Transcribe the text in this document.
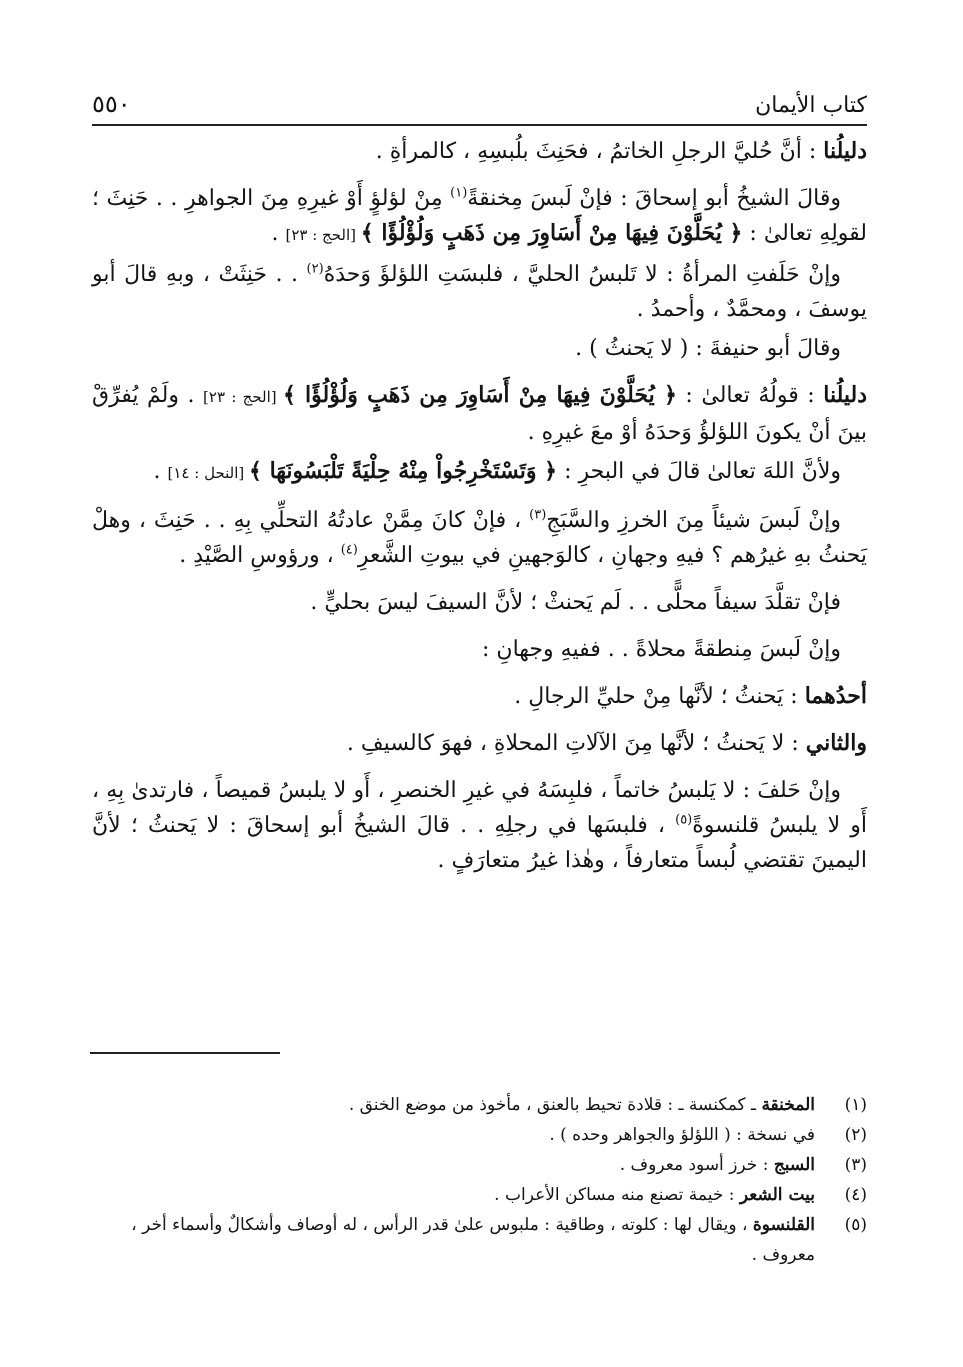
كتاب الأيمان
٥٥٠

دليلُنا : أنَّ حُليَّ الرجلِ الخاتمُ ، فحَنِثَ بلُبسِهِ ، كالمرأةِ .

وقالَ الشيخُ أبو إسحاقَ : فإنْ لَبسَ مِخنقةً$^{(١)}$ مِنْ لؤلؤٍ أَوْ غيرِهِ مِنَ الجواهرِ . . حَنِثَ ؛ لقولِهِ تعالىٰ : ﴿ يُحَلَّوْنَ فِيهَا مِنْ أَسَاوِرَ مِن ذَهَبٍ وَلُؤْلُؤًا ﴾ [الحج : ٢٣] .

وإنْ حَلَفتِ المرأةُ : لا تَلبسُ الحليَّ ، فلبسَتِ اللؤلؤَ وَحدَهُ$^{(٢)}$ . . حَنِثَتْ ، وبهِ قالَ أبو يوسفَ ، ومحمَّدٌ ، وأحمدُ .

وقالَ أبو حنيفةَ : ( لا يَحنثُ ) .

دليلُنا : قولُهُ تعالىٰ : ﴿ يُحَلَّوْنَ فِيهَا مِنْ أَسَاوِرَ مِن ذَهَبٍ وَلُؤْلُؤًا ﴾ [الحج : ٢٣] . ولَمْ يُفرِّقْ بينَ أنْ يكونَ اللؤلؤُ وَحدَهُ أوْ معَ غيرِهِ .

ولأنَّ اللهَ تعالىٰ قالَ في البحرِ : ﴿ وَتَسْتَخْرِجُواْ مِنْهُ حِلْيَةً تَلْبَسُونَهَا ﴾ [النحل : ١٤] .

وإنْ لَبسَ شيئاً مِنَ الخرزِ والسَّبَجِ$^{(٣)}$ ، فإنْ كانَ مِمَّنْ عادتُهُ التحلِّي بِهِ . . حَنِثَ ، وهلْ يَحنثُ بهِ غيرُهم ؟ فيهِ وجهانِ ، كالوَجهينِ في بيوتِ الشَّعرِ$^{(٤)}$ ، ورؤوسِ الصَّيْدِ .

فإنْ تقلَّدَ سيفاً محلًّى . . لَم يَحنثْ ؛ لأنَّ السيفَ ليسَ بحليٍّ .

وإنْ لَبسَ مِنطقةً محلاةً . . ففيهِ وجهانِ :

أحدُهما : يَحنثُ ؛ لأنَّها مِنْ حليِّ الرجالِ .

والثاني : لا يَحنثُ ؛ لأنَّها مِنَ الآلاتِ المحلاةِ ، فهوَ كالسيفِ .

وإنْ حَلفَ : لا يَلبسُ خاتماً ، فلبِسَهُ في غيرِ الخنصرِ ، أَو لا يلبسُ قميصاً ، فارتدىٰ بِهِ ، أَو لا يلبسُ قلنسوةً$^{(٥)}$ ، فلبسَها في رجلِهِ . . قالَ الشيخُ أبو إسحاقَ : لا يَحنثُ ؛ لأنَّ اليمينَ تقتضي لُبساً متعارفاً ، وهٰذا غيرُ متعارَفٍ .

(١)
المخنقة ـ كمكنسة ـ : قلادة تحيط بالعنق ، مأخوذ من موضع الخنق .
(٢)
في نسخة : ( اللؤلؤ والجواهر وحده ) .
(٣)
السبج : خرز أسود معروف .
(٤)
بيت الشعر : خيمة تصنع منه مساكن الأعراب .
(٥)
القلنسوة ، ويقال لها : كلوته ، وطاقية : ملبوس علىٰ قدر الرأس ، له أوصاف وأشكالٌ وأسماء أخر ، معروف .
